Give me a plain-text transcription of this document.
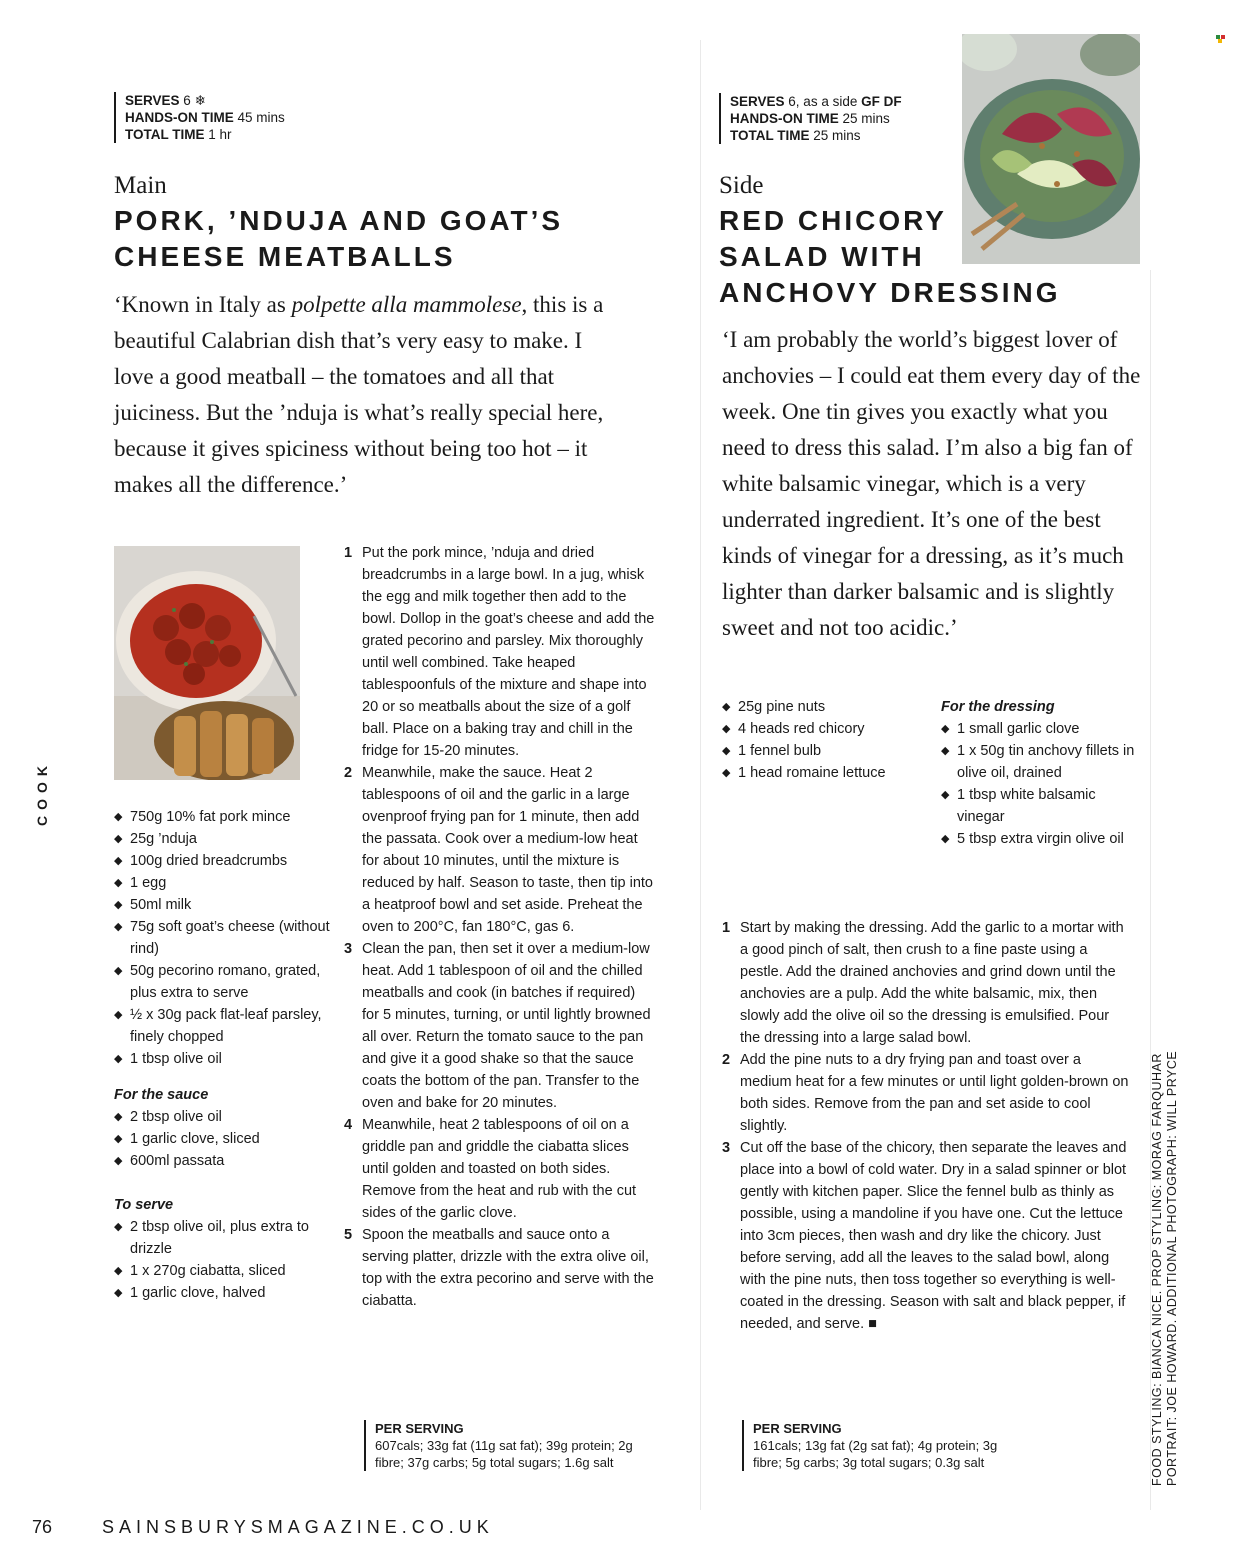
SERVES 6 ❄
HANDS-ON TIME 45 mins
TOTAL TIME 1 hr
Main
PORK, ’NDUJA AND GOAT’S
CHEESE MEATBALLS
‘Known in Italy as polpette alla mammolese, this is a beautiful Calabrian dish that’s very easy to make. I love a good meatball – the tomatoes and all that juiciness. But the ’nduja is what’s really special here, because it gives spiciness without being too hot – it makes all the difference.’
◆ 750g 10% fat pork mince
◆ 25g ’nduja
◆ 100g dried breadcrumbs
◆ 1 egg
◆ 50ml milk
◆ 75g soft goat’s cheese (without rind)
◆ 50g pecorino romano, grated, plus extra to serve
◆ ½ x 30g pack flat-leaf parsley, finely chopped
◆ 1 tbsp olive oil
For the sauce
◆ 2 tbsp olive oil
◆ 1 garlic clove, sliced
◆ 600ml passata
To serve
◆ 2 tbsp olive oil, plus extra to drizzle
◆ 1 x 270g ciabatta, sliced
◆ 1 garlic clove, halved
1 Put the pork mince, ’nduja and dried breadcrumbs in a large bowl. In a jug, whisk the egg and milk together then add to the bowl. Dollop in the goat’s cheese and add the grated pecorino and parsley. Mix thoroughly until well combined. Take heaped tablespoonfuls of the mixture and shape into 20 or so meatballs about the size of a golf ball. Place on a baking tray and chill in the fridge for 15-20 minutes.
2 Meanwhile, make the sauce. Heat 2 tablespoons of oil and the garlic in a large ovenproof frying pan for 1 minute, then add the passata. Cook over a medium-low heat for about 10 minutes, until the mixture is reduced by half. Season to taste, then tip into a heatproof bowl and set aside. Preheat the oven to 200°C, fan 180°C, gas 6.
3 Clean the pan, then set it over a medium-low heat. Add 1 tablespoon of oil and the chilled meatballs and cook (in batches if required) for 5 minutes, turning, or until lightly browned all over. Return the tomato sauce to the pan and give it a good shake so that the sauce coats the bottom of the pan. Transfer to the oven and bake for 20 minutes.
4 Meanwhile, heat 2 tablespoons of oil on a griddle pan and griddle the ciabatta slices until golden and toasted on both sides. Remove from the heat and rub with the cut sides of the garlic clove.
5 Spoon the meatballs and sauce onto a serving platter, drizzle with the extra olive oil, top with the extra pecorino and serve with the ciabatta.
PER SERVING
607cals; 33g fat (11g sat fat); 39g protein; 2g fibre; 37g carbs; 5g total sugars; 1.6g salt
SERVES 6, as a side GF DF
HANDS-ON TIME 25 mins
TOTAL TIME 25 mins
Side
RED CHICORY
SALAD WITH
ANCHOVY DRESSING
‘I am probably the world’s biggest lover of anchovies – I could eat them every day of the week. One tin gives you exactly what you need to dress this salad. I’m also a big fan of white balsamic vinegar, which is a very underrated ingredient. It’s one of the best kinds of vinegar for a dressing, as it’s much lighter than darker balsamic and is slightly sweet and not too acidic.’
◆ 25g pine nuts
◆ 4 heads red chicory
◆ 1 fennel bulb
◆ 1 head romaine lettuce
For the dressing
◆ 1 small garlic clove
◆ 1 x 50g tin anchovy fillets in olive oil, drained
◆ 1 tbsp white balsamic vinegar
◆ 5 tbsp extra virgin olive oil
1 Start by making the dressing. Add the garlic to a mortar with a good pinch of salt, then crush to a fine paste using a pestle. Add the drained anchovies and grind down until the anchovies are a pulp. Add the white balsamic, mix, then slowly add the olive oil so the dressing is emulsified. Pour the dressing into a large salad bowl.
2 Add the pine nuts to a dry frying pan and toast over a medium heat for a few minutes or until light golden-brown on both sides. Remove from the pan and set aside to cool slightly.
3 Cut off the base of the chicory, then separate the leaves and place into a bowl of cold water. Dry in a salad spinner or blot gently with kitchen paper. Slice the fennel bulb as thinly as possible, using a mandoline if you have one. Cut the lettuce into 3cm pieces, then wash and dry like the chicory. Just before serving, add all the leaves to the salad bowl, along with the pine nuts, then toss together so everything is well-coated in the dressing. Season with salt and black pepper, if needed, and serve. ■
PER SERVING
161cals; 13g fat (2g sat fat); 4g protein; 3g fibre; 5g carbs; 3g total sugars; 0.3g salt
COOK
FOOD STYLING: BIANCA NICE. PROP STYLING: MORAG FARQUHAR PORTRAIT: JOE HOWARD. ADDITIONAL PHOTOGRAPH: WILL PRYCE
76	SAINSBURYSMAGAZINE.CO.UK
